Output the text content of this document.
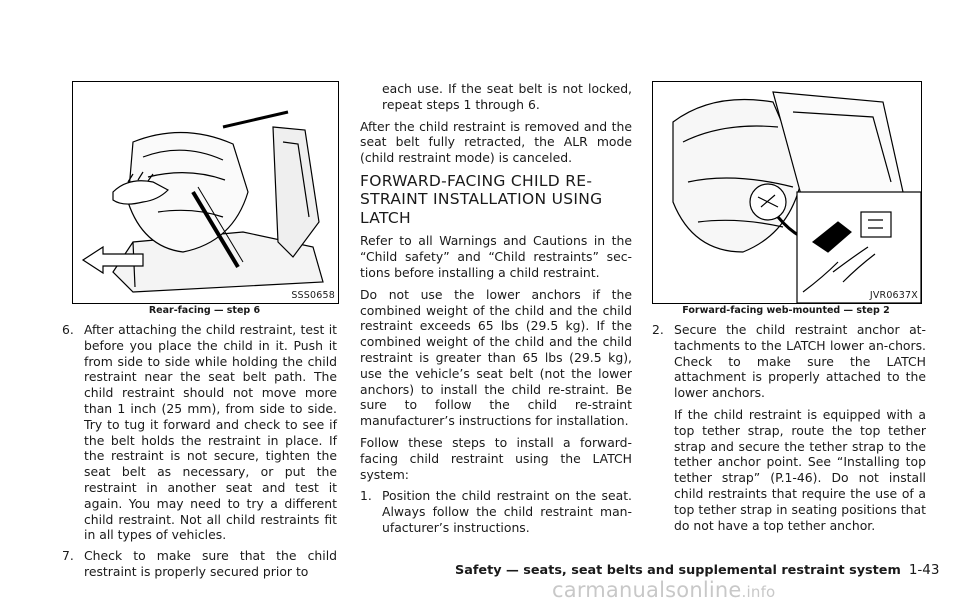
SSS0658
Rear-facing — step 6
6. After attaching the child restraint, test it before you place the child in it. Push it from side to side while holding the child restraint near the seat belt path. The child restraint should not move more than 1 inch (25 mm), from side to side. Try to tug it forward and check to see if the belt holds the restraint in place. If the restraint is not secure, tighten the seat belt as necessary, or put the restraint in another seat and test it again. You may need to try a different child restraint. Not all child restraints fit in all types of vehicles.
7. Check to make sure that the child restraint is properly secured prior to

each use. If the seat belt is not locked, repeat steps 1 through 6.

After the child restraint is removed and the seat belt fully retracted, the ALR mode (child restraint mode) is canceled.

FORWARD-FACING CHILD RE-STRAINT INSTALLATION USING LATCH

Refer to all Warnings and Cautions in the “Child safety” and “Child restraints” sec-tions before installing a child restraint.

Do not use the lower anchors if the combined weight of the child and the child restraint exceeds 65 lbs (29.5 kg). If the combined weight of the child and the child restraint is greater than 65 lbs (29.5 kg), use the vehicle’s seat belt (not the lower anchors) to install the child re-straint. Be sure to follow the child re-straint manufacturer’s instructions for installation.

Follow these steps to install a forward-facing child restraint using the LATCH system:

1. Position the child restraint on the seat. Always follow the child restraint man-ufacturer’s instructions.
JVR0637X
Forward-facing web-mounted — step 2
2. Secure the child restraint anchor at-tachments to the LATCH lower an-chors. Check to make sure the LATCH attachment is properly attached to the lower anchors.

If the child restraint is equipped with a top tether strap, route the top tether strap and secure the tether strap to the tether anchor point. See “Installing top tether strap” (P.1-46). Do not install child restraints that require the use of a top tether strap in seating positions that do not have a top tether anchor.

Safety — seats, seat belts and supplemental restraint system 1-43
carmanualsonline.info
